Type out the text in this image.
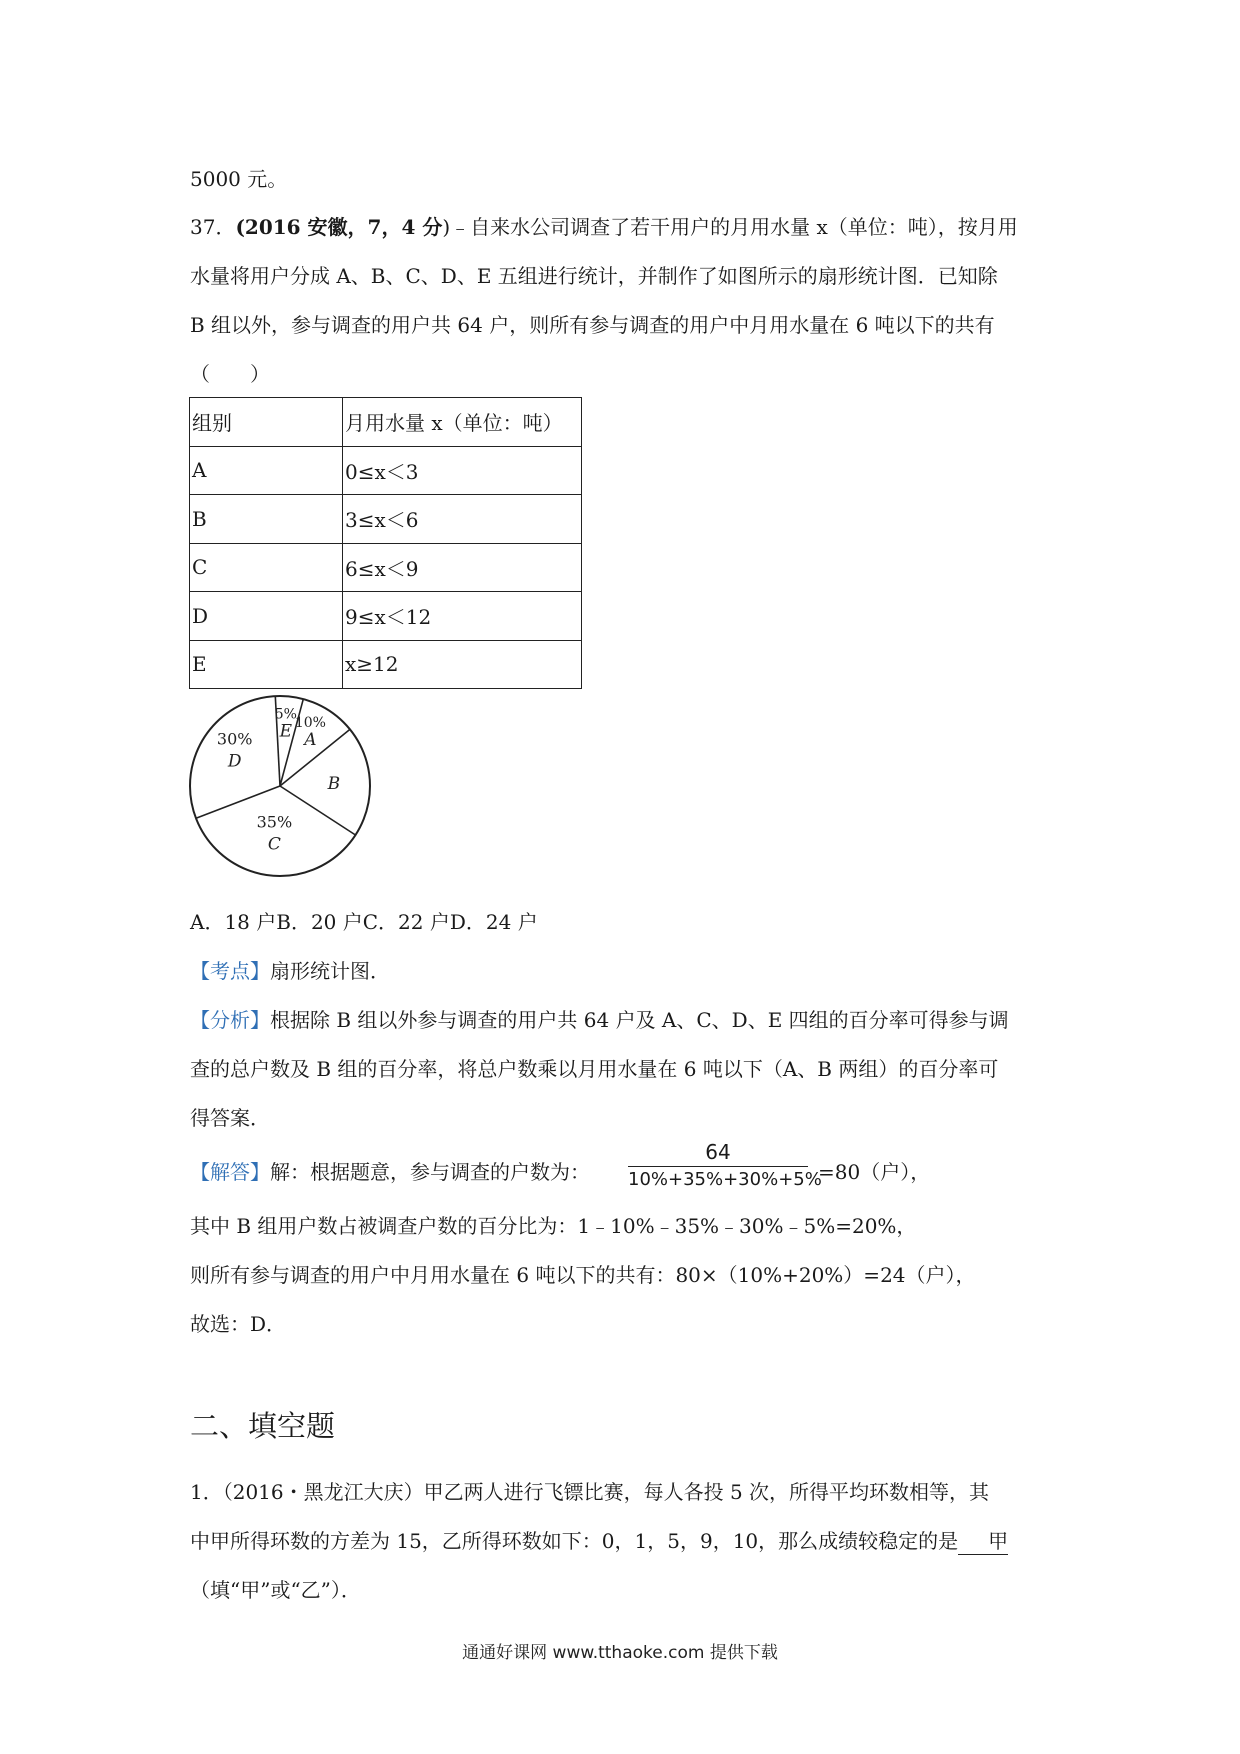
5000 元。
37．(2016 安徽，7，4 分)﹣自来水公司调查了若干用户的月用水量 x（单位：吨），按月用
水量将用户分成 A、B、C、D、E 五组进行统计，并制作了如图所示的扇形统计图．已知除
B 组以外，参与调查的用户共 64 户，则所有参与调查的用户中月用水量在 6 吨以下的共有
（　　）
组别	月用水量 x（单位：吨）
A	0≤x＜3
B	3≤x＜6
C	6≤x＜9
D	9≤x＜12
E	x≥12
A
10%
B
C
35%
D
30% E
5%
A．18 户B．20 户C．22 户D．24 户
【考点】扇形统计图．
【分析】根据除 B 组以外参与调查的用户共 64 户及 A、C、D、E 四组的百分率可得参与调
查的总户数及 B 组的百分率，将总户数乘以月用水量在 6 吨以下（A、B 两组）的百分率可
得答案．
【解答】解：根据题意，参与调查的户数为：
64
10%+35%+30%+5%
=80（户），
其中 B 组用户数占被调查户数的百分比为：1﹣10%﹣35%﹣30%﹣5%=20%，
则所有参与调查的用户中月用水量在 6 吨以下的共有：80×（10%+20%）=24（户），
故选：D．
二、填空题
1．（2016・黑龙江大庆）甲乙两人进行飞镖比赛，每人各投 5 次，所得平均环数相等，其
中甲所得环数的方差为 15，乙所得环数如下：0，1，5，9，10，那么成绩较稳定的是 甲
（填“甲”或“乙”）．
通通好课网 www.tthaoke.com 提供下载
